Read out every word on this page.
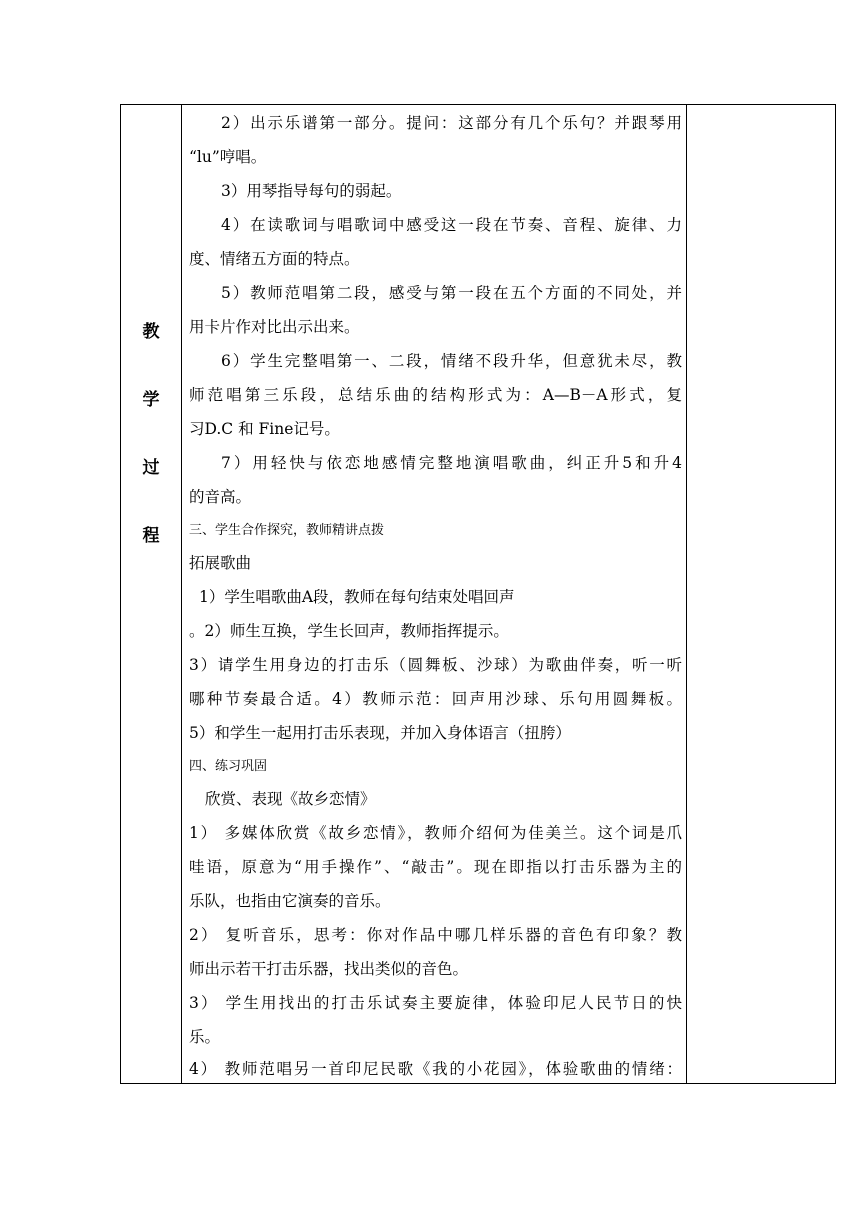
教
学
过
程
2）出示乐谱第一部分。提问：这部分有几个乐句？并跟琴用
“lu”哼唱。
3）用琴指导每句的弱起。
4）在读歌词与唱歌词中感受这一段在节奏、音程、旋律、力
度、情绪五方面的特点。
5）教师范唱第二段，感受与第一段在五个方面的不同处，并
用卡片作对比出示出来。
6）学生完整唱第一、二段，情绪不段升华，但意犹未尽，教
师范唱第三乐段，总结乐曲的结构形式为：A—B－A形式，复
习D.C 和 Fine记号。
7）用轻快与依恋地感情完整地演唱歌曲，纠正升5和升4
的音高。
三、学生合作探究，教师精讲点拨
拓展歌曲
1）学生唱歌曲A段，教师在每句结束处唱回声
。2）师生互换，学生长回声，教师指挥提示。
3）请学生用身边的打击乐（圆舞板、沙球）为歌曲伴奏，听一听
哪种节奏最合适。4）教师示范：回声用沙球、乐句用圆舞板。
5）和学生一起用打击乐表现，并加入身体语言（扭胯）
四、练习巩固
欣赏、表现《故乡恋情》
1） 多媒体欣赏《故乡恋情》，教师介绍何为佳美兰。这个词是爪
哇语，原意为“用手操作”、“敲击”。现在即指以打击乐器为主的
乐队，也指由它演奏的音乐。
2） 复听音乐，思考：你对作品中哪几样乐器的音色有印象？教
师出示若干打击乐器，找出类似的音色。
3） 学生用找出的打击乐试奏主要旋律，体验印尼人民节日的快
乐。
4） 教师范唱另一首印尼民歌《我的小花园》，体验歌曲的情绪：
